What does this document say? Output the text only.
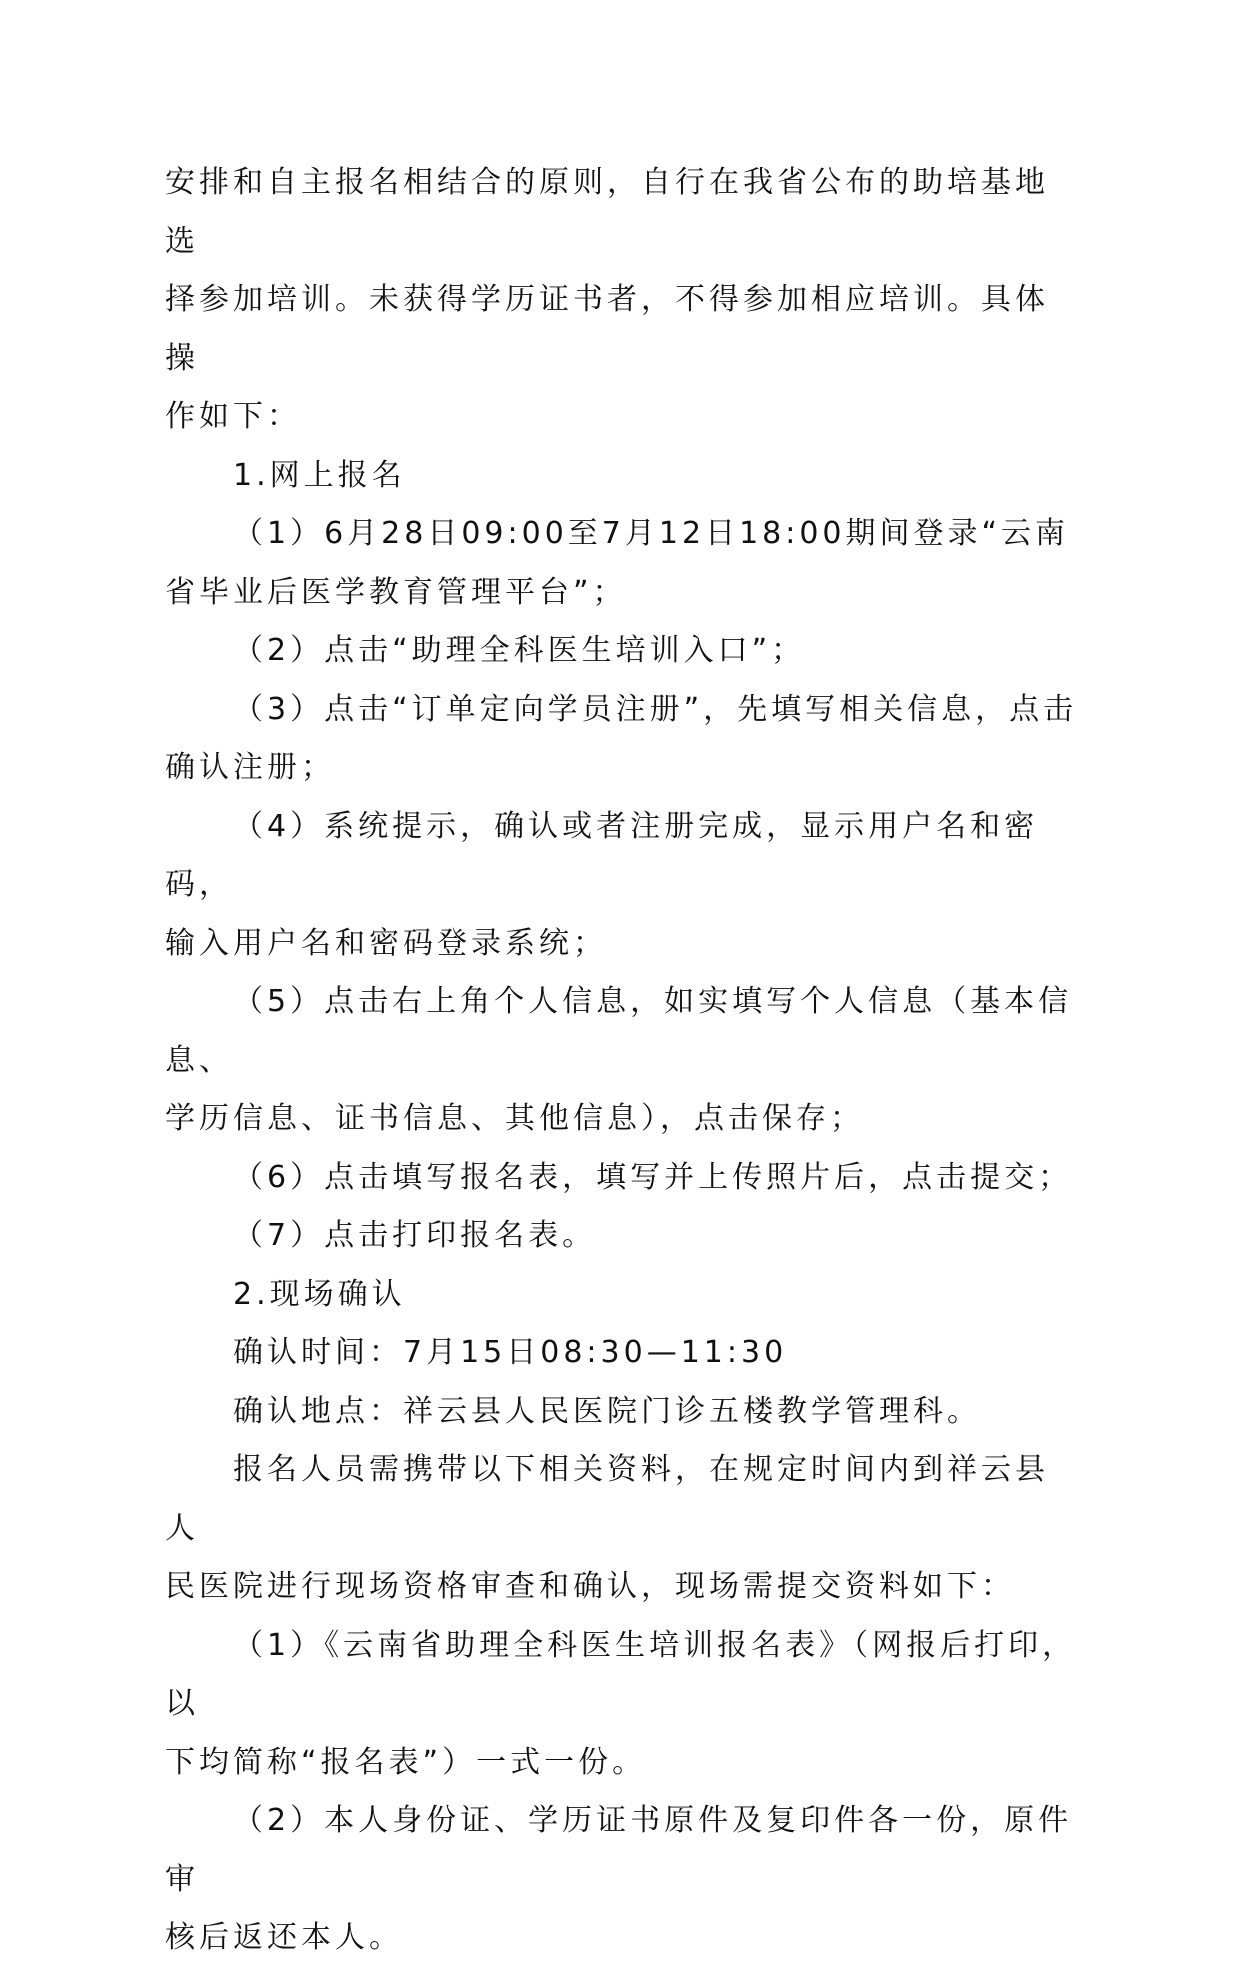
安排和自主报名相结合的原则，自行在我省公布的助培基地选

择参加培训。未获得学历证书者，不得参加相应培训。具体操

作如下：

1.网上报名

（1）6月28日09:00至7月12日18:00期间登录“云南

省毕业后医学教育管理平台”；

（2）点击“助理全科医生培训入口”；

（3）点击“订单定向学员注册”，先填写相关信息，点击

确认注册；

（4）系统提示，确认或者注册完成，显示用户名和密码，

输入用户名和密码登录系统；

（5）点击右上角个人信息，如实填写个人信息（基本信息、

学历信息、证书信息、其他信息），点击保存；

（6）点击填写报名表，填写并上传照片后，点击提交；

（7）点击打印报名表。

2.现场确认

确认时间：7月15日08:30—11:30

确认地点：祥云县人民医院门诊五楼教学管理科。

报名人员需携带以下相关资料，在规定时间内到祥云县人

民医院进行现场资格审查和确认，现场需提交资料如下：

（1）《云南省助理全科医生培训报名表》（网报后打印，以

下均简称“报名表”）一式一份。

（2）本人身份证、学历证书原件及复印件各一份，原件审

核后返还本人。
